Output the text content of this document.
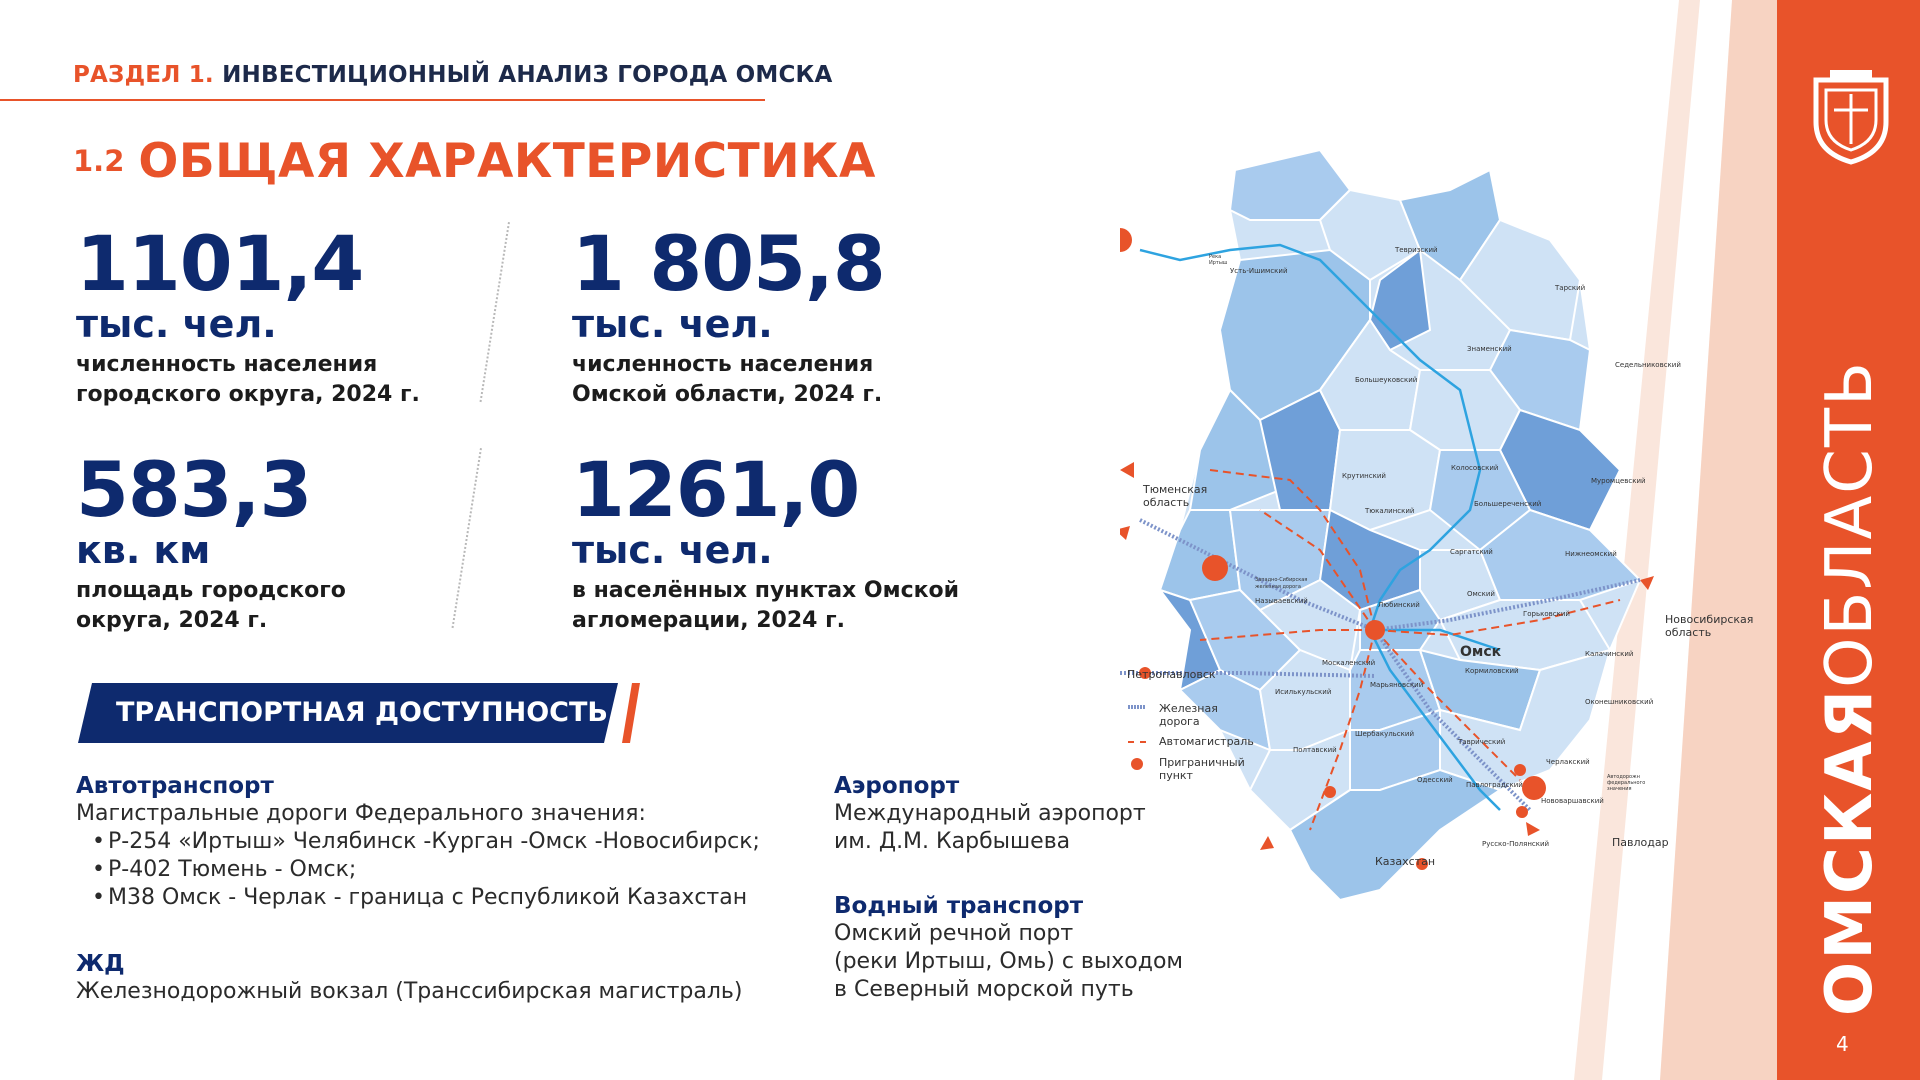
РАЗДЕЛ 1. ИНВЕСТИЦИОННЫЙ АНАЛИЗ ГОРОДА ОМСКА
1.2 ОБЩАЯ ХАРАКТЕРИСТИКА
1101,4
тыс. чел.
численность населения
городского округа, 2024 г.
1 805,8
тыс. чел.
численность населения
Омской области, 2024 г.
583,3
кв. км
площадь городского
округа, 2024 г.
1261,0
тыс. чел.
в населённых пунктах Омской
агломерации, 2024 г.
ТРАНСПОРТНАЯ ДОСТУПНОСТЬ
Автотранспорт
Магистральные дороги Федерального значения:
• Р-254 «Иртыш» Челябинск -Курган -Омск -Новосибирск;
• Р-402 Тюмень - Омск;
• М38 Омск - Черлак - граница с Республикой Казахстан
ЖД
Железнодорожный вокзал (Транссибирская магистраль)
Аэропорт
Международный аэропорт
им. Д.М. Карбышева
Водный транспорт
Омский речной порт
(реки Иртыш, Омь) с выходом
в Северный морской путь	ОМСКАЯОБЛАСТЬ
4
Усть-Ишимский
Тевризский
Тарский
Знаменский
Седельниковский
Большеуковский
Крутинский
Тюкалинский
Колосовский
Большереченский
Муромцевский
Саргатский	Нижнеомский
Называевский	Любинский
Омский
Горьковский
Калачинский
Москаленский
Кормиловский
Марьяновский
Исилькульский
Оконешниковский
Шербакульский
Таврический
Полтавский
Одесский
Павлоградский
Черлакский
Нововаршавский
Русско-Полянский
Западно-Сибирская
железная дорога
Река
Иртыш
Автодорожн
федерального
значения
Омск
Тюменская
область
Новосибирская
область
Петропавловск
Казахстан
Павлодар
Железная
дорога
Автомагистраль
Приграничный
пункт
